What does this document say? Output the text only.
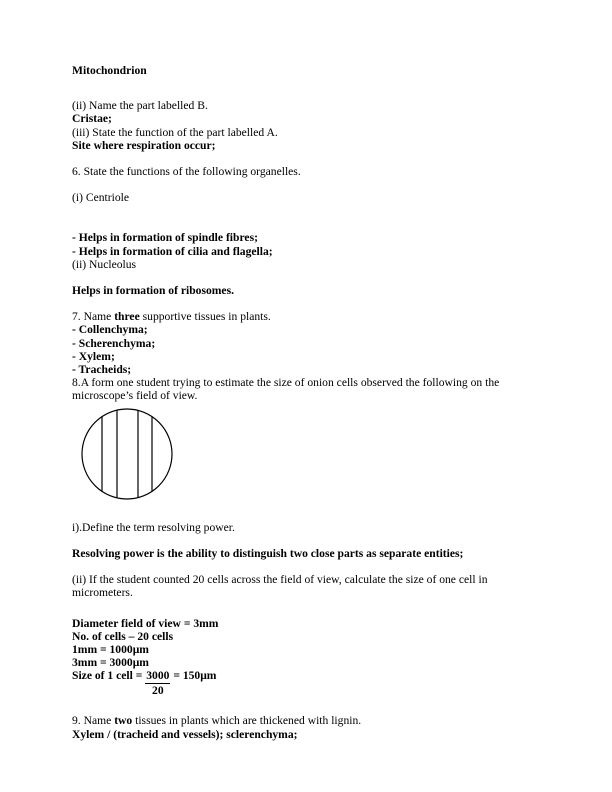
Mitochondrion

(ii) Name the part labelled B.

Cristae;

(iii) State the function of the part labelled A.

Site where respiration occur;

6. State the functions of the following organelles.

(i) Centriole

- Helps in formation of spindle fibres;

- Helps in formation of cilia and flagella;

(ii) Nucleolus

Helps in formation of ribosomes.

7. Name three supportive tissues in plants.

- Collenchyma;

- Scherenchyma;

- Xylem;

- Tracheids;

8.A form one student trying to estimate the size of onion cells observed the following on the microscope’s field of view.

i).Define the term resolving power.

Resolving power is the ability to distinguish two close parts as separate entities;

(ii) If the student counted 20 cells across the field of view, calculate the size of one cell in micrometers.

Diameter field of view = 3mm

No. of cells – 20 cells

1mm = 1000μm

3mm = 3000μm

Size of 1 cell = $\frac{3000}{20} = 150\mu m$

9. Name two tissues in plants which are thickened with lignin.

Xylem / (tracheid and vessels); sclerenchyma;
